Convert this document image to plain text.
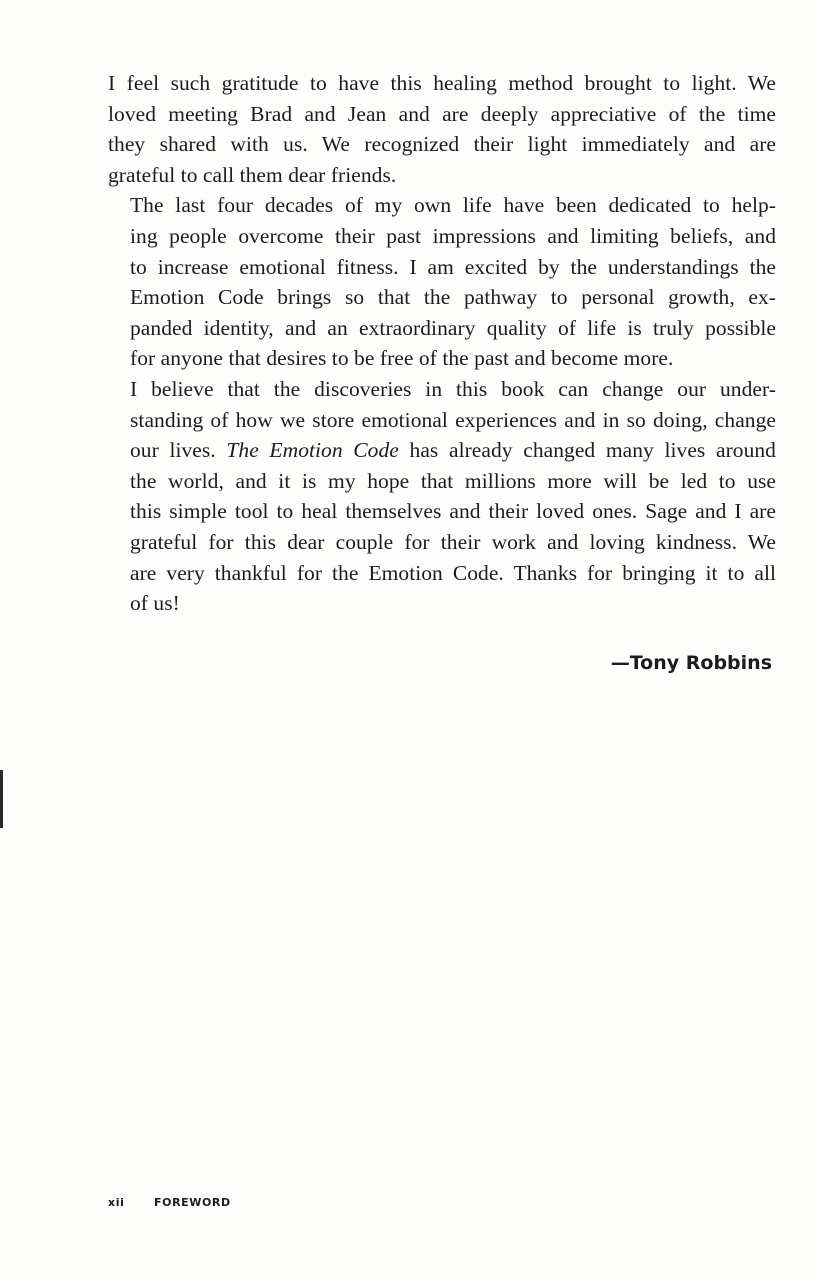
I feel such gratitude to have this healing method brought to light. We
loved meeting Brad and Jean and are deeply appreciative of the time
they shared with us. We recognized their light immediately and are
grateful to call them dear friends.

The last four decades of my own life have been dedicated to help-
ing people overcome their past impressions and limiting beliefs, and
to increase emotional fitness. I am excited by the understandings the
Emotion Code brings so that the pathway to personal growth, ex-
panded identity, and an extraordinary quality of life is truly possible
for anyone that desires to be free of the past and become more.

I believe that the discoveries in this book can change our under-
standing of how we store emotional experiences and in so doing, change
our lives. The Emotion Code has already changed many lives around
the world, and it is my hope that millions more will be led to use
this simple tool to heal themselves and their loved ones. Sage and I are
grateful for this dear couple for their work and loving kindness. We
are very thankful for the Emotion Code. Thanks for bringing it to all
of us!

—Tony Robbins
xii	FOREWORD
